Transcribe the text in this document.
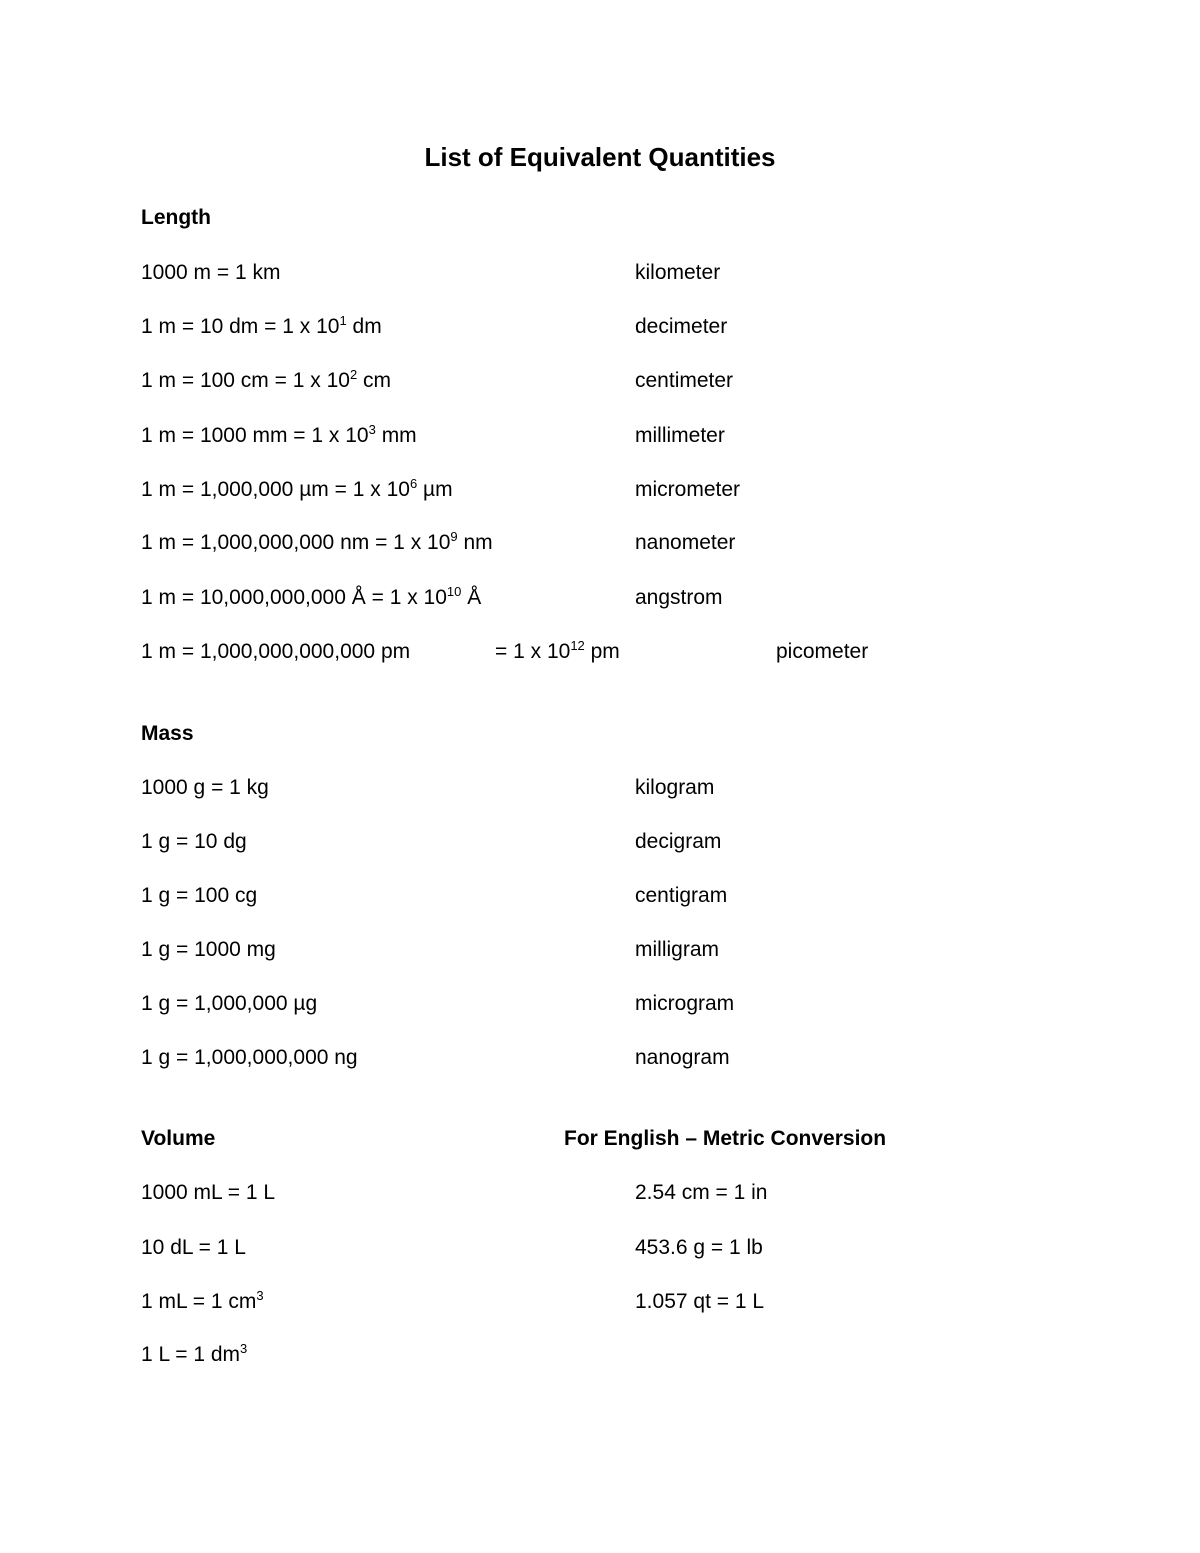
List of Equivalent Quantities
Length
1000 m = 1 km	kilometer
1 m = 10 dm = 1 x $10^1$ dm	decimeter
1 m = 100 cm = 1 x $10^2$ cm	centimeter
1 m = 1000 mm = 1 x $10^3$ mm	millimeter
1 m = 1,000,000 µm = 1 x $10^6$ µm	micrometer
1 m = 1,000,000,000 nm = 1 x $10^9$ nm	nanometer
1 m = 10,000,000,000 Å = 1 x $10^{10}$ Å	angstrom
1 m = 1,000,000,000,000 pm	= 1 x $10^{12}$ pm	picometer
Mass
1000 g = 1 kg	kilogram
1 g = 10 dg	decigram
1 g = 100 cg	centigram
1 g = 1000 mg	milligram
1 g = 1,000,000 µg	microgram
1 g = 1,000,000,000 ng	nanogram
Volume	For English – Metric Conversion
1000 mL = 1 L	2.54 cm = 1 in
10 dL = 1 L	453.6 g = 1 lb
1 mL = 1 $cm^3$	1.057 qt = 1 L
1 L = 1 $dm^3$
